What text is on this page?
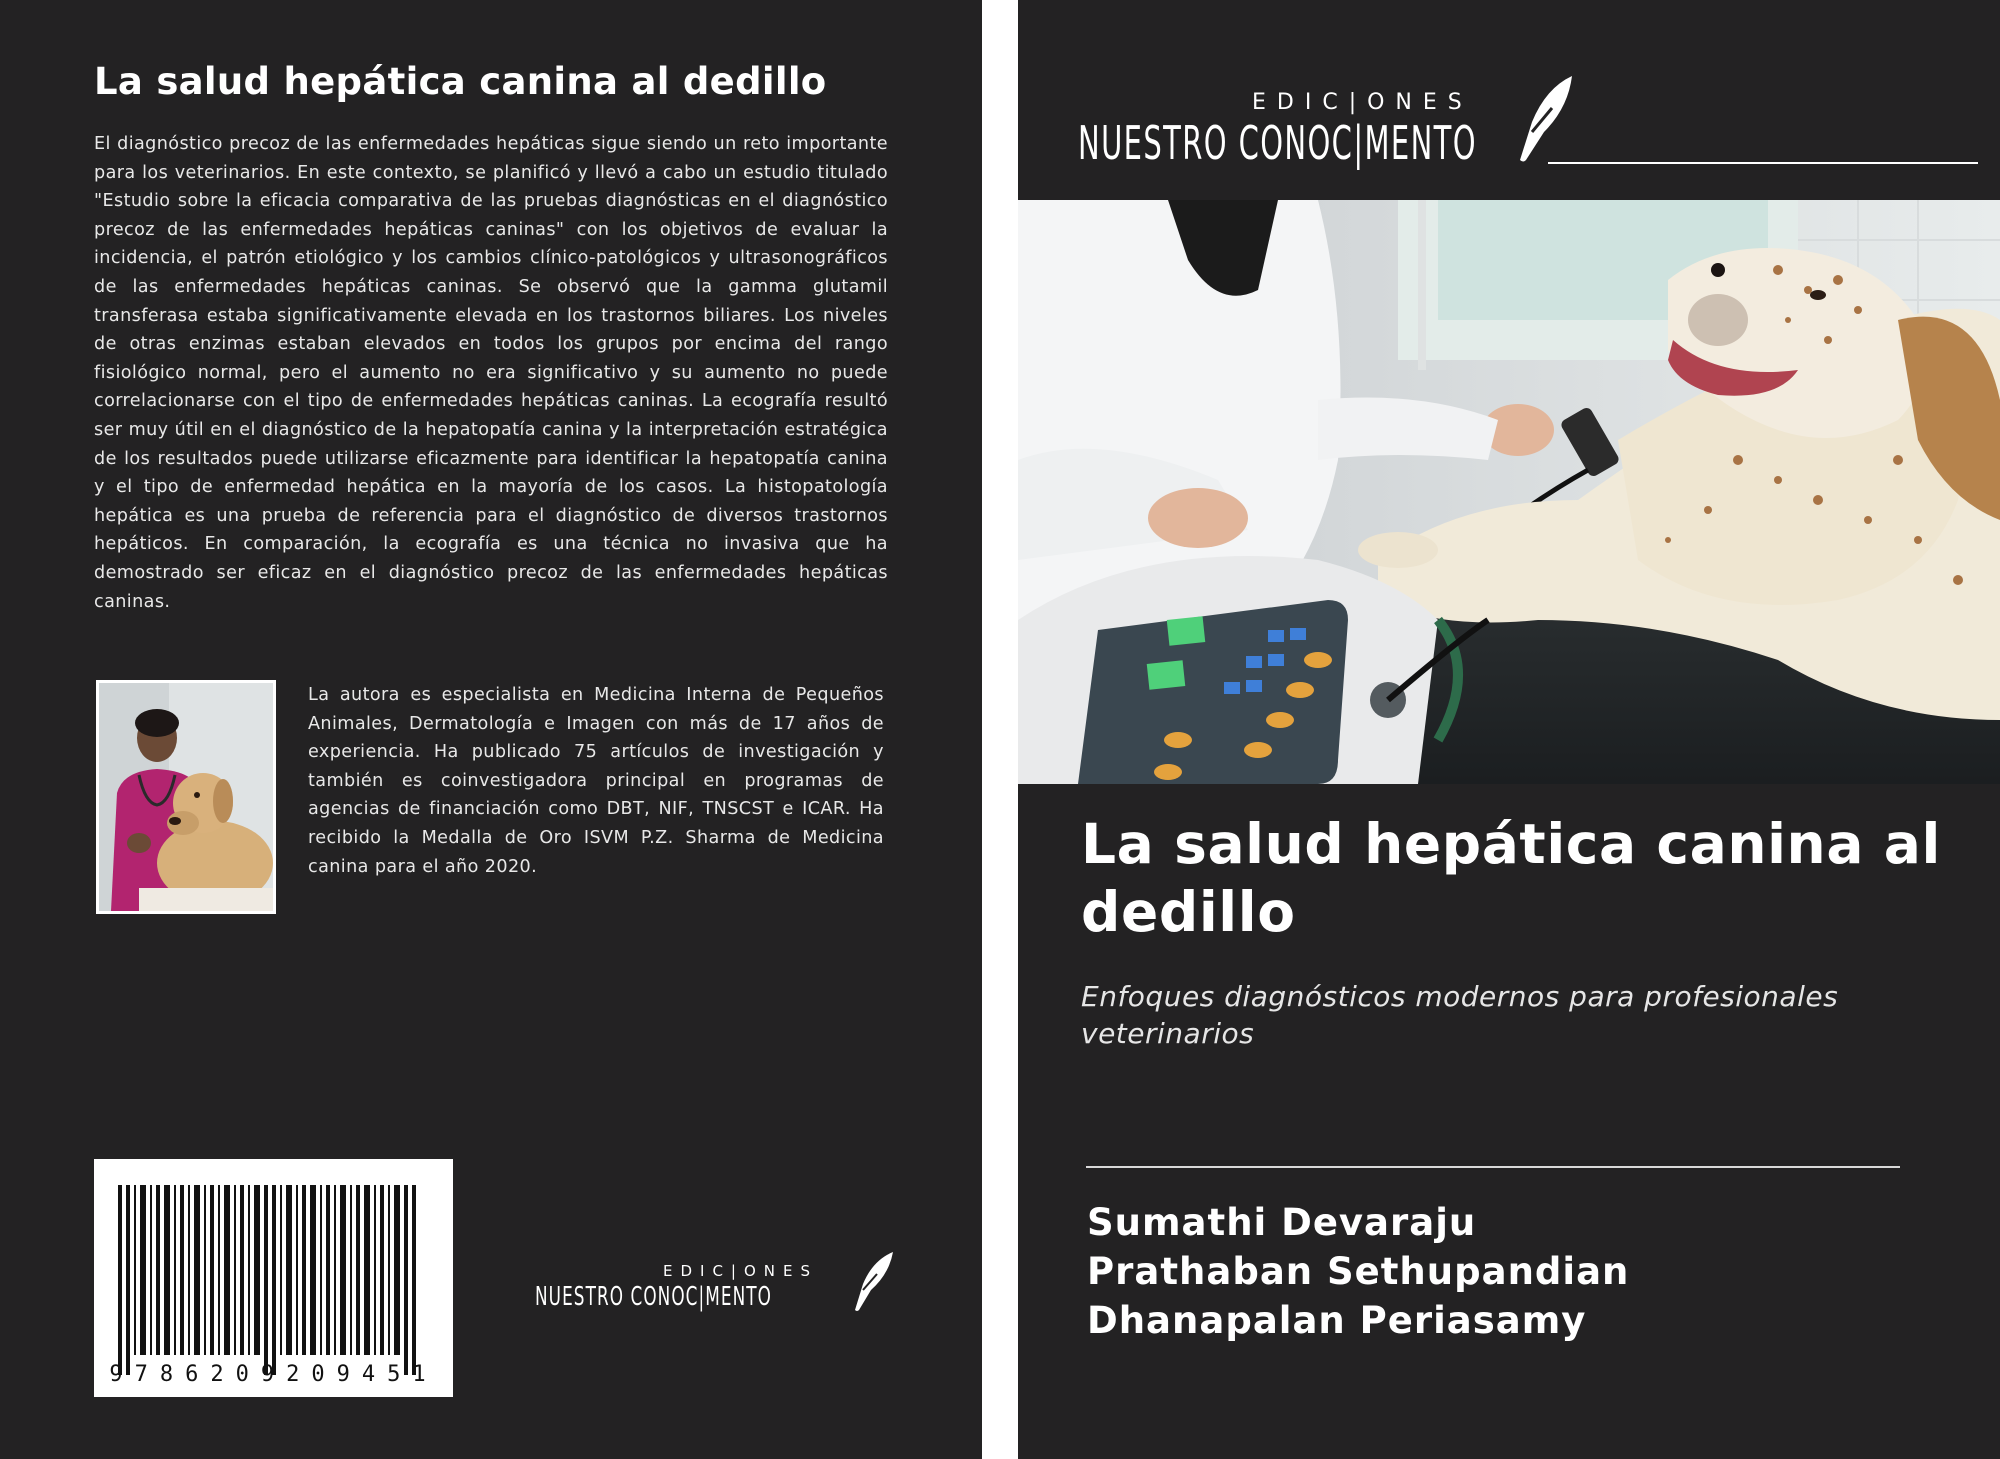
La salud hepática canina al dedillo
El diagnóstico precoz de las enfermedades hepáticas sigue siendo un reto importante para los veterinarios. En este contexto, se planificó y llevó a cabo un estudio titulado "Estudio sobre la eficacia comparativa de las pruebas diagnósticas en el diagnóstico precoz de las enfermedades hepáticas caninas" con los objetivos de evaluar la incidencia, el patrón etiológico y los cambios clínico-patológicos y ultrasonográficos de las enfermedades hepáticas caninas. Se observó que la gamma glutamil transferasa estaba significativamente elevada en los trastornos biliares. Los niveles de otras enzimas estaban elevados en todos los grupos por encima del rango fisiológico normal, pero el aumento no era significativo y su aumento no puede correlacionarse con el tipo de enfermedades hepáticas caninas. La ecografía resultó ser muy útil en el diagnóstico de la hepatopatía canina y la interpretación estratégica de los resultados puede utilizarse eficazmente para identificar la hepatopatía canina y el tipo de enfermedad hepática en la mayoría de los casos. La histopatología hepática es una prueba de referencia para el diagnóstico de diversos trastornos hepáticos. En comparación, la ecografía es una técnica no invasiva que ha demostrado ser eficaz en el diagnóstico precoz de las enfermedades hepáticas caninas.
La autora es especialista en Medicina Interna de Pequeños Animales, Dermatología e Imagen con más de 17 años de experiencia. Ha publicado 75 artículos de investigación y también es coinvestigadora principal en programas de agencias de financiación como DBT, NIF, TNSCST e ICAR. Ha recibido la Medalla de Oro ISVM P.Z. Sharma de Medicina canina para el año 2020.
9786209209451
EDIC|ONES
NUESTRO CONOC|MENTO
EDIC|ONES
NUESTRO CONOC|MENTO
La salud hepática canina al dedillo
Enfoques diagnósticos modernos para profesionales veterinarios
Sumathi Devaraju
Prathaban Sethupandian
Dhanapalan Periasamy
